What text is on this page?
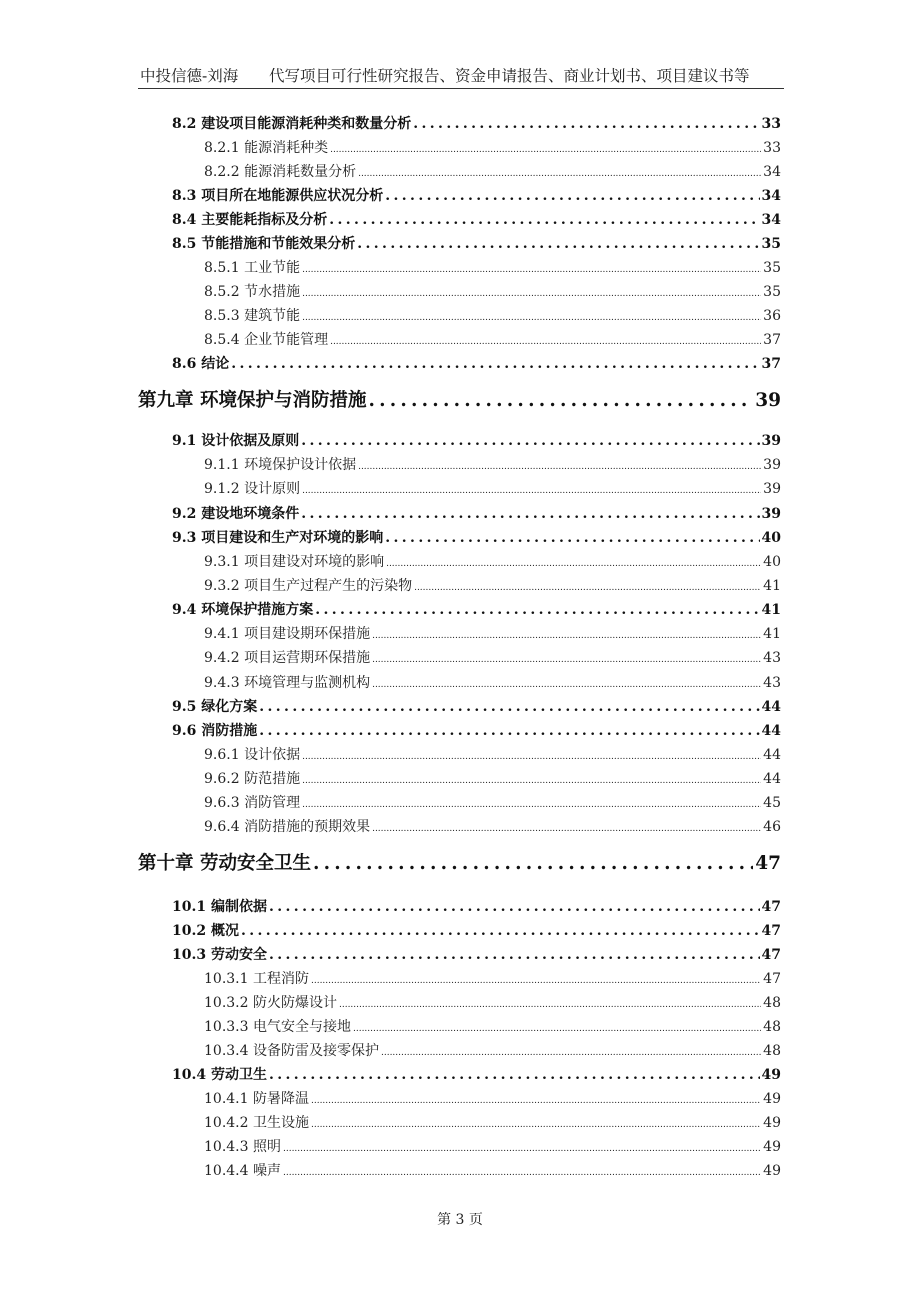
中投信德-刘海 代写项目可行性研究报告、资金申请报告、商业计划书、项目建议书等
8.2 建设项目能源消耗种类和数量分析 .....	33
8.2.1 能源消耗种类 .....	33
8.2.2 能源消耗数量分析 .....	34
8.3 项目所在地能源供应状况分析 .....	34
8.4 主要能耗指标及分析 .....	34
8.5 节能措施和节能效果分析 .....	35
8.5.1 工业节能 .....	35
8.5.2 节水措施 .....	35
8.5.3 建筑节能 .....	36
8.5.4 企业节能管理 .....	37
8.6 结论 .....	37
第九章 环境保护与消防措施 .....	39
9.1 设计依据及原则 .....	39
9.1.1 环境保护设计依据 .....	39
9.1.2 设计原则 .....	39
9.2 建设地环境条件 .....	39
9.3 项目建设和生产对环境的影响 .....	40
9.3.1 项目建设对环境的影响 .....	40
9.3.2 项目生产过程产生的污染物 .....	41
9.4 环境保护措施方案 .....	41
9.4.1 项目建设期环保措施 .....	41
9.4.2 项目运营期环保措施 .....	43
9.4.3 环境管理与监测机构 .....	43
9.5 绿化方案 .....	44
9.6 消防措施 .....	44
9.6.1 设计依据 .....	44
9.6.2 防范措施 .....	44
9.6.3 消防管理 .....	45
9.6.4 消防措施的预期效果 .....	46
第十章 劳动安全卫生 .....	47
10.1 编制依据 .....	47
10.2 概况 .....	47
10.3 劳动安全 .....	47
10.3.1 工程消防 .....	47
10.3.2 防火防爆设计 .....	48
10.3.3 电气安全与接地 .....	48
10.3.4 设备防雷及接零保护 .....	48
10.4 劳动卫生 .....	49
10.4.1 防暑降温 .....	49
10.4.2 卫生设施 .....	49
10.4.3 照明 .....	49
10.4.4 噪声 .....	49
第 3 页
